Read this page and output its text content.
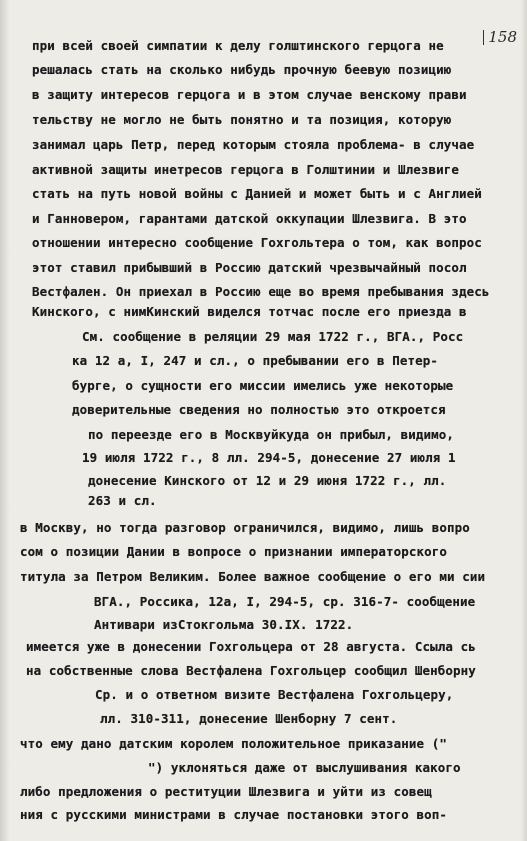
158
при всей своей симпатии к делу голштинского герцога не
решалась стать на сколько нибудь прочную беевую позицию
в защиту интересов герцога и в этом случае венскому прави
тельству не могло не быть понятно и та позиция, которую
занимал царь Петр, перед которым стояла проблема- в случае
активной защиты инетресов герцога в Голштинии и Шлезвиге
стать на путь новой войны с Данией и может быть и с Англией
и Ганновером, гарантами датской оккупации Шлезвига. В это
отношении интересно сообщение Гохгольтера о том, как вопрос
этот ставил прибывший в Россию датский чрезвычайный посол
Вестфален. Он приехал в Россию еще во время пребывания здесь
Кинского, с нимКинский виделся тотчас после его приезда в
См. сообщение в реляции 29 мая 1722 г., ВГА., Росс
ка 12 а, I, 247 и сл., о пребывании его в Петер-
бурге, о сущности его миссии имелись уже некоторые
доверительные сведения но полностью это откроется
по переезде его в Москвуйкуда он прибыл, видимо,
19 июля 1722 г., 8 лл. 294-5, донесение 27 июля 1
донесение Кинского от 12 и 29 июня 1722 г., лл.
263 и сл.
в Москву, но тогда разговор ограничился, видимо, лишь вопро
сом о позиции Дании в вопросе о признании императорского
титула за Петром Великим. Более важное сообщение о его ми сии
ВГА., Россика, 12а, I, 294-5, ср. 316-7- сообщение
Антивари изСтокгольма 30.IX. 1722.
имеется уже в донесении Гохгольцера от 28 августа. Ссыла сь
на собственные слова Вестфалена Гохгольцер сообщил Шенборну
Ср. и о ответном визите Вестфалена Гохгольцеру,
лл. 310-311, донесение Шенборну 7 сент.
что ему дано датским королем положительное приказание ("
") уклоняться даже от выслушивания какого
либо предложения о реституции Шлезвига и уйти из совещ
ния с русскими министрами в случае постановки этого воп-
